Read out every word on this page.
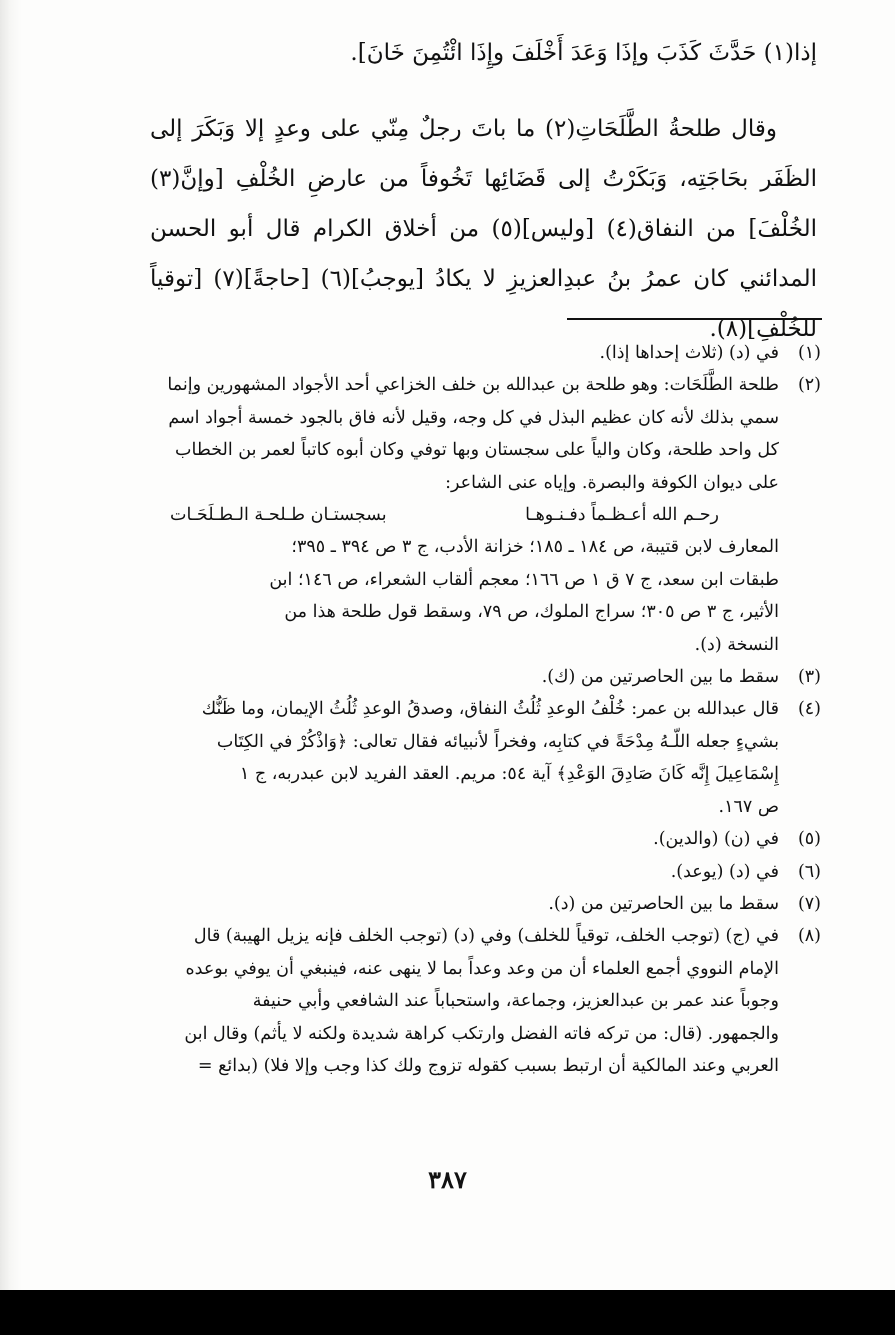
إذا(١) حَدَّثَ كَذَبَ وإذَا وَعَدَ أَخْلَفَ وإِذَا ائْتُمِنَ خَانَ].

وقال طلحةُ الطَّلَحَاتِ(٢) ما باتَ رجلٌ مِنّي على وعدٍ إلا وَبَكَرَ إلى الظَفَر بحَاجَتِه، وَبَكَرْتُ إلى قَضَائِها تَخُوفاً من عارضِ الخُلْفِ [وإنَّ(٣) الخُلْفَ] من النفاق(٤) [وليس](٥) من أخلاق الكرام قال أبو الحسن المدائني كان عمرُ بنُ عبدِالعزيزِ لا يكادُ [يوجبُ](٦) [حاجةً](٧) [توقياً للخُلْفِ](٨).

(١)
في (د) (ثلاث إحداها إذا).
(٢)
طلحة الطَّلَحَات: وهو طلحة بن عبدالله بن خلف الخزاعي أحد الأجواد المشهورين وإنما
سمي بذلك لأنه كان عظيم البذل في كل وجه، وقيل لأنه فاق بالجود خمسة أجواد اسم
كل واحد طلحة، وكان والياً على سجستان وبها توفي وكان أبوه كاتباً لعمر بن الخطاب
على ديوان الكوفة والبصرة. وإياه عنى الشاعر:
رحـم الله أعـظـماً دفـنـوهـا
بسجستـان طـلحـة الـطـلَحَـات
المعارف لابن قتيبة، ص ١٨٤ ـ ١٨٥؛ خزانة الأدب، ج ٣ ص ٣٩٤ ـ ٣٩٥؛
طبقات ابن سعد، ج ٧ ق ١ ص ١٦٦؛ معجم ألقاب الشعراء، ص ١٤٦؛ ابن
الأثير، ج ٣ ص ٣٠٥؛ سراج الملوك، ص ٧٩، وسقط قول طلحة هذا من
النسخة (د).
(٣)
سقط ما بين الحاصرتين من (ك).
(٤)
قال عبدالله بن عمر: خُلْفُ الوعدِ ثُلُثُ النفاق، وصدقُ الوعدِ ثُلُثُ الإيمان، وما ظَنُّك
بشيءٍ جعله اللّـهُ مِدْحَةً في كتابِه، وفخراً لأنبيائه فقال تعالى: ﴿وَاذْكُرْ في الكِتَاب
إِسْمَاعِيلَ إِنَّه كَانَ صَادِقَ الوَعْدِ﴾ آية ٥٤: مريم. العقد الفريد لابن عبدربه، ج ١
ص ١٦٧.
(٥)
في (ن) (والدين).
(٦)
في (د) (يوعد).
(٧)
سقط ما بين الحاصرتين من (د).
(٨)
في (ج) (توجب الخلف، توقياً للخلف) وفي (د) (توجب الخلف فإنه يزيل الهيبة) قال
الإمام النووي أجمع العلماء أن من وعد وعداً بما لا ينهى عنه، فينبغي أن يوفي بوعده
وجوباً عند عمر بن عبدالعزيز، وجماعة، واستحباباً عند الشافعي وأبي حنيفة
والجمهور. (قال: من تركه فاته الفضل وارتكب كراهة شديدة ولكنه لا يأثم) وقال ابن
العربي وعند المالكية أن ارتبط بسبب كقوله تزوج ولك كذا وجب وإلا فلا) (بدائع =
٣٨٧
